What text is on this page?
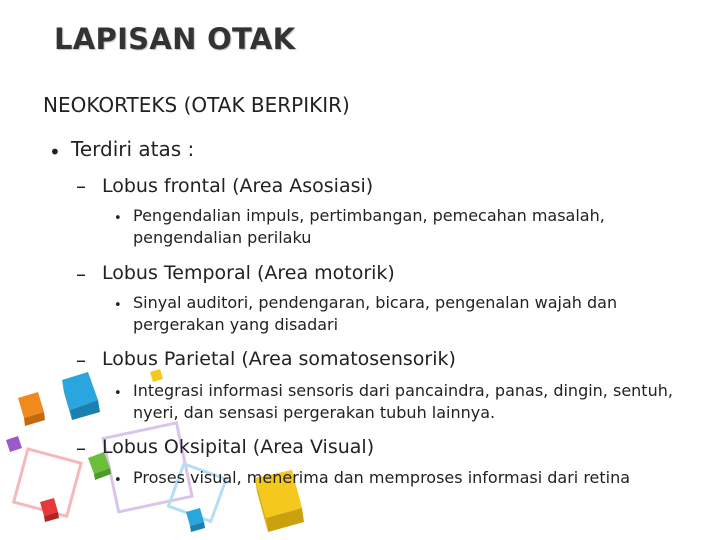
LAPISAN OTAK
NEOKORTEKS (OTAK BERPIKIR)
• Terdiri atas :
– Lobus frontal (Area Asosiasi)
• Pengendalian impuls, pertimbangan, pemecahan masalah, pengendalian perilaku
– Lobus Temporal (Area motorik)
• Sinyal auditori, pendengaran, bicara, pengenalan wajah dan pergerakan yang disadari
– Lobus Parietal (Area somatosensorik)
• Integrasi informasi sensoris dari pancaindra, panas, dingin, sentuh, nyeri, dan sensasi pergerakan tubuh lainnya.
– Lobus Oksipital (Area Visual)
• Proses visual, menerima dan memproses informasi dari retina
